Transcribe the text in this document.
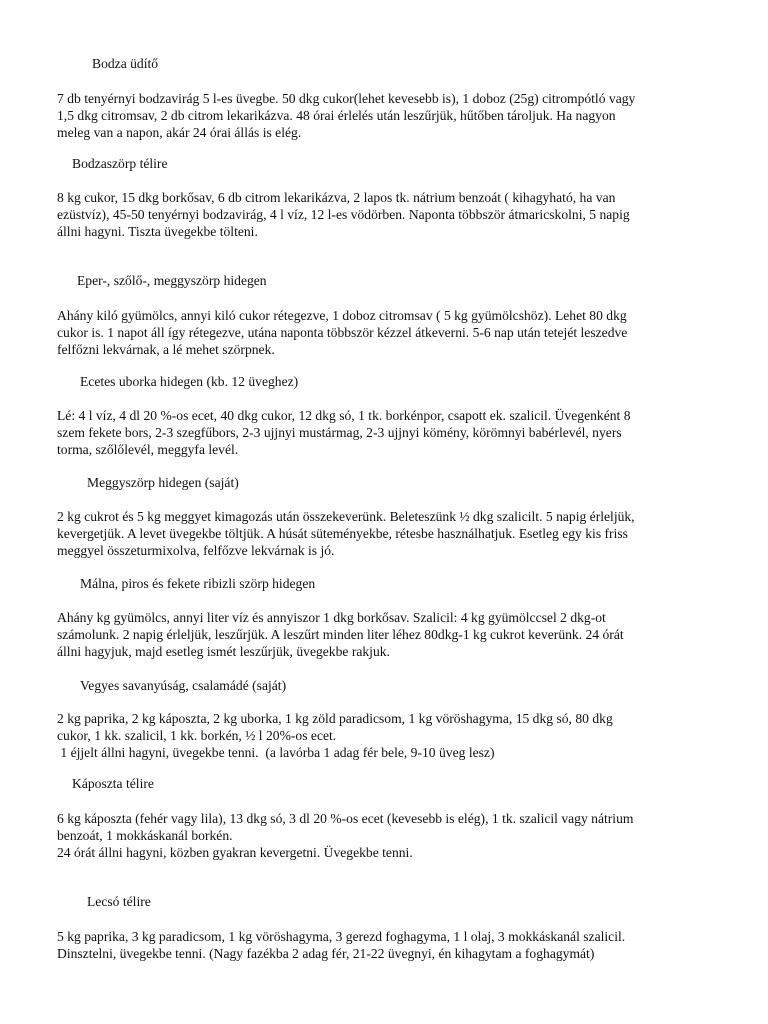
Bodza üdítő
7 db tenyérnyi bodzavirág 5 l-es üvegbe. 50 dkg cukor(lehet kevesebb is), 1 doboz (25g) citrompótló vagy
1,5 dkg citromsav, 2 db citrom lekarikázva. 48 órai érlelés után leszűrjük, hűtőben tároljuk. Ha nagyon
meleg van a napon, akár 24 órai állás is elég.
Bodzaszörp télire
8 kg cukor, 15 dkg borkősav, 6 db citrom lekarikázva, 2 lapos tk. nátrium benzoát ( kihagyható, ha van
ezüstvíz), 45-50 tenyérnyi bodzavirág, 4 l víz, 12 l-es vödörben. Naponta többször átmaricskolni, 5 napig
állni hagyni. Tiszta üvegekbe tölteni.
Eper-, szőlő-, meggyszörp hidegen
Ahány kiló gyümölcs, annyi kiló cukor rétegezve, 1 doboz citromsav ( 5 kg gyümölcshöz). Lehet 80 dkg
cukor is. 1 napot áll így rétegezve, utána naponta többször kézzel átkeverni. 5-6 nap után tetejét leszedve
felfőzni lekvárnak, a lé mehet szörpnek.
Ecetes uborka hidegen (kb. 12 üveghez)
Lé: 4 l víz, 4 dl 20 %-os ecet, 40 dkg cukor, 12 dkg só, 1 tk. borkénpor, csapott ek. szalicil. Üvegenként 8
szem fekete bors, 2-3 szegfűbors, 2-3 ujjnyi mustármag, 2-3 ujjnyi kömény, körömnyi babérlevél, nyers
torma, szőlőlevél, meggyfa levél.
Meggyszörp hidegen (saját)
2 kg cukrot és 5 kg meggyet kimagozás után összekeverünk. Beleteszünk ½ dkg szalicilt. 5 napig érleljük,
kevergetjük. A levet üvegekbe töltjük. A húsát süteményekbe, rétesbe használhatjuk. Esetleg egy kis friss
meggyel összeturmixolva, felfőzve lekvárnak is jó.
Málna, piros és fekete ribizli szörp hidegen
Ahány kg gyümölcs, annyi liter víz és annyiszor 1 dkg borkősav. Szalicil: 4 kg gyümölccsel 2 dkg-ot
számolunk. 2 napig érleljük, leszűrjük. A leszűrt minden liter léhez 80dkg-1 kg cukrot keverünk. 24 órát
állni hagyjuk, majd esetleg ismét leszűrjük, üvegekbe rakjuk.
Vegyes savanyúság, csalamádé (saját)
2 kg paprika, 2 kg káposzta, 2 kg uborka, 1 kg zöld paradicsom, 1 kg vöröshagyma, 15 dkg só, 80 dkg
cukor, 1 kk. szalicil, 1 kk. borkén, ½ l 20%-os ecet.
1 éjjelt állni hagyni, üvegekbe tenni.  (a lavórba 1 adag fér bele, 9-10 üveg lesz)
Káposzta télire
6 kg káposzta (fehér vagy lila), 13 dkg só, 3 dl 20 %-os ecet (kevesebb is elég), 1 tk. szalicil vagy nátrium
benzoát, 1 mokkáskanál borkén.
24 órát állni hagyni, közben gyakran kevergetni. Üvegekbe tenni.
Lecsó télire
5 kg paprika, 3 kg paradicsom, 1 kg vöröshagyma, 3 gerezd foghagyma, 1 l olaj, 3 mokkáskanál szalicil.
Dinsztelni, üvegekbe tenni. (Nagy fazékba 2 adag fér, 21-22 üvegnyi, én kihagytam a foghagymát)
